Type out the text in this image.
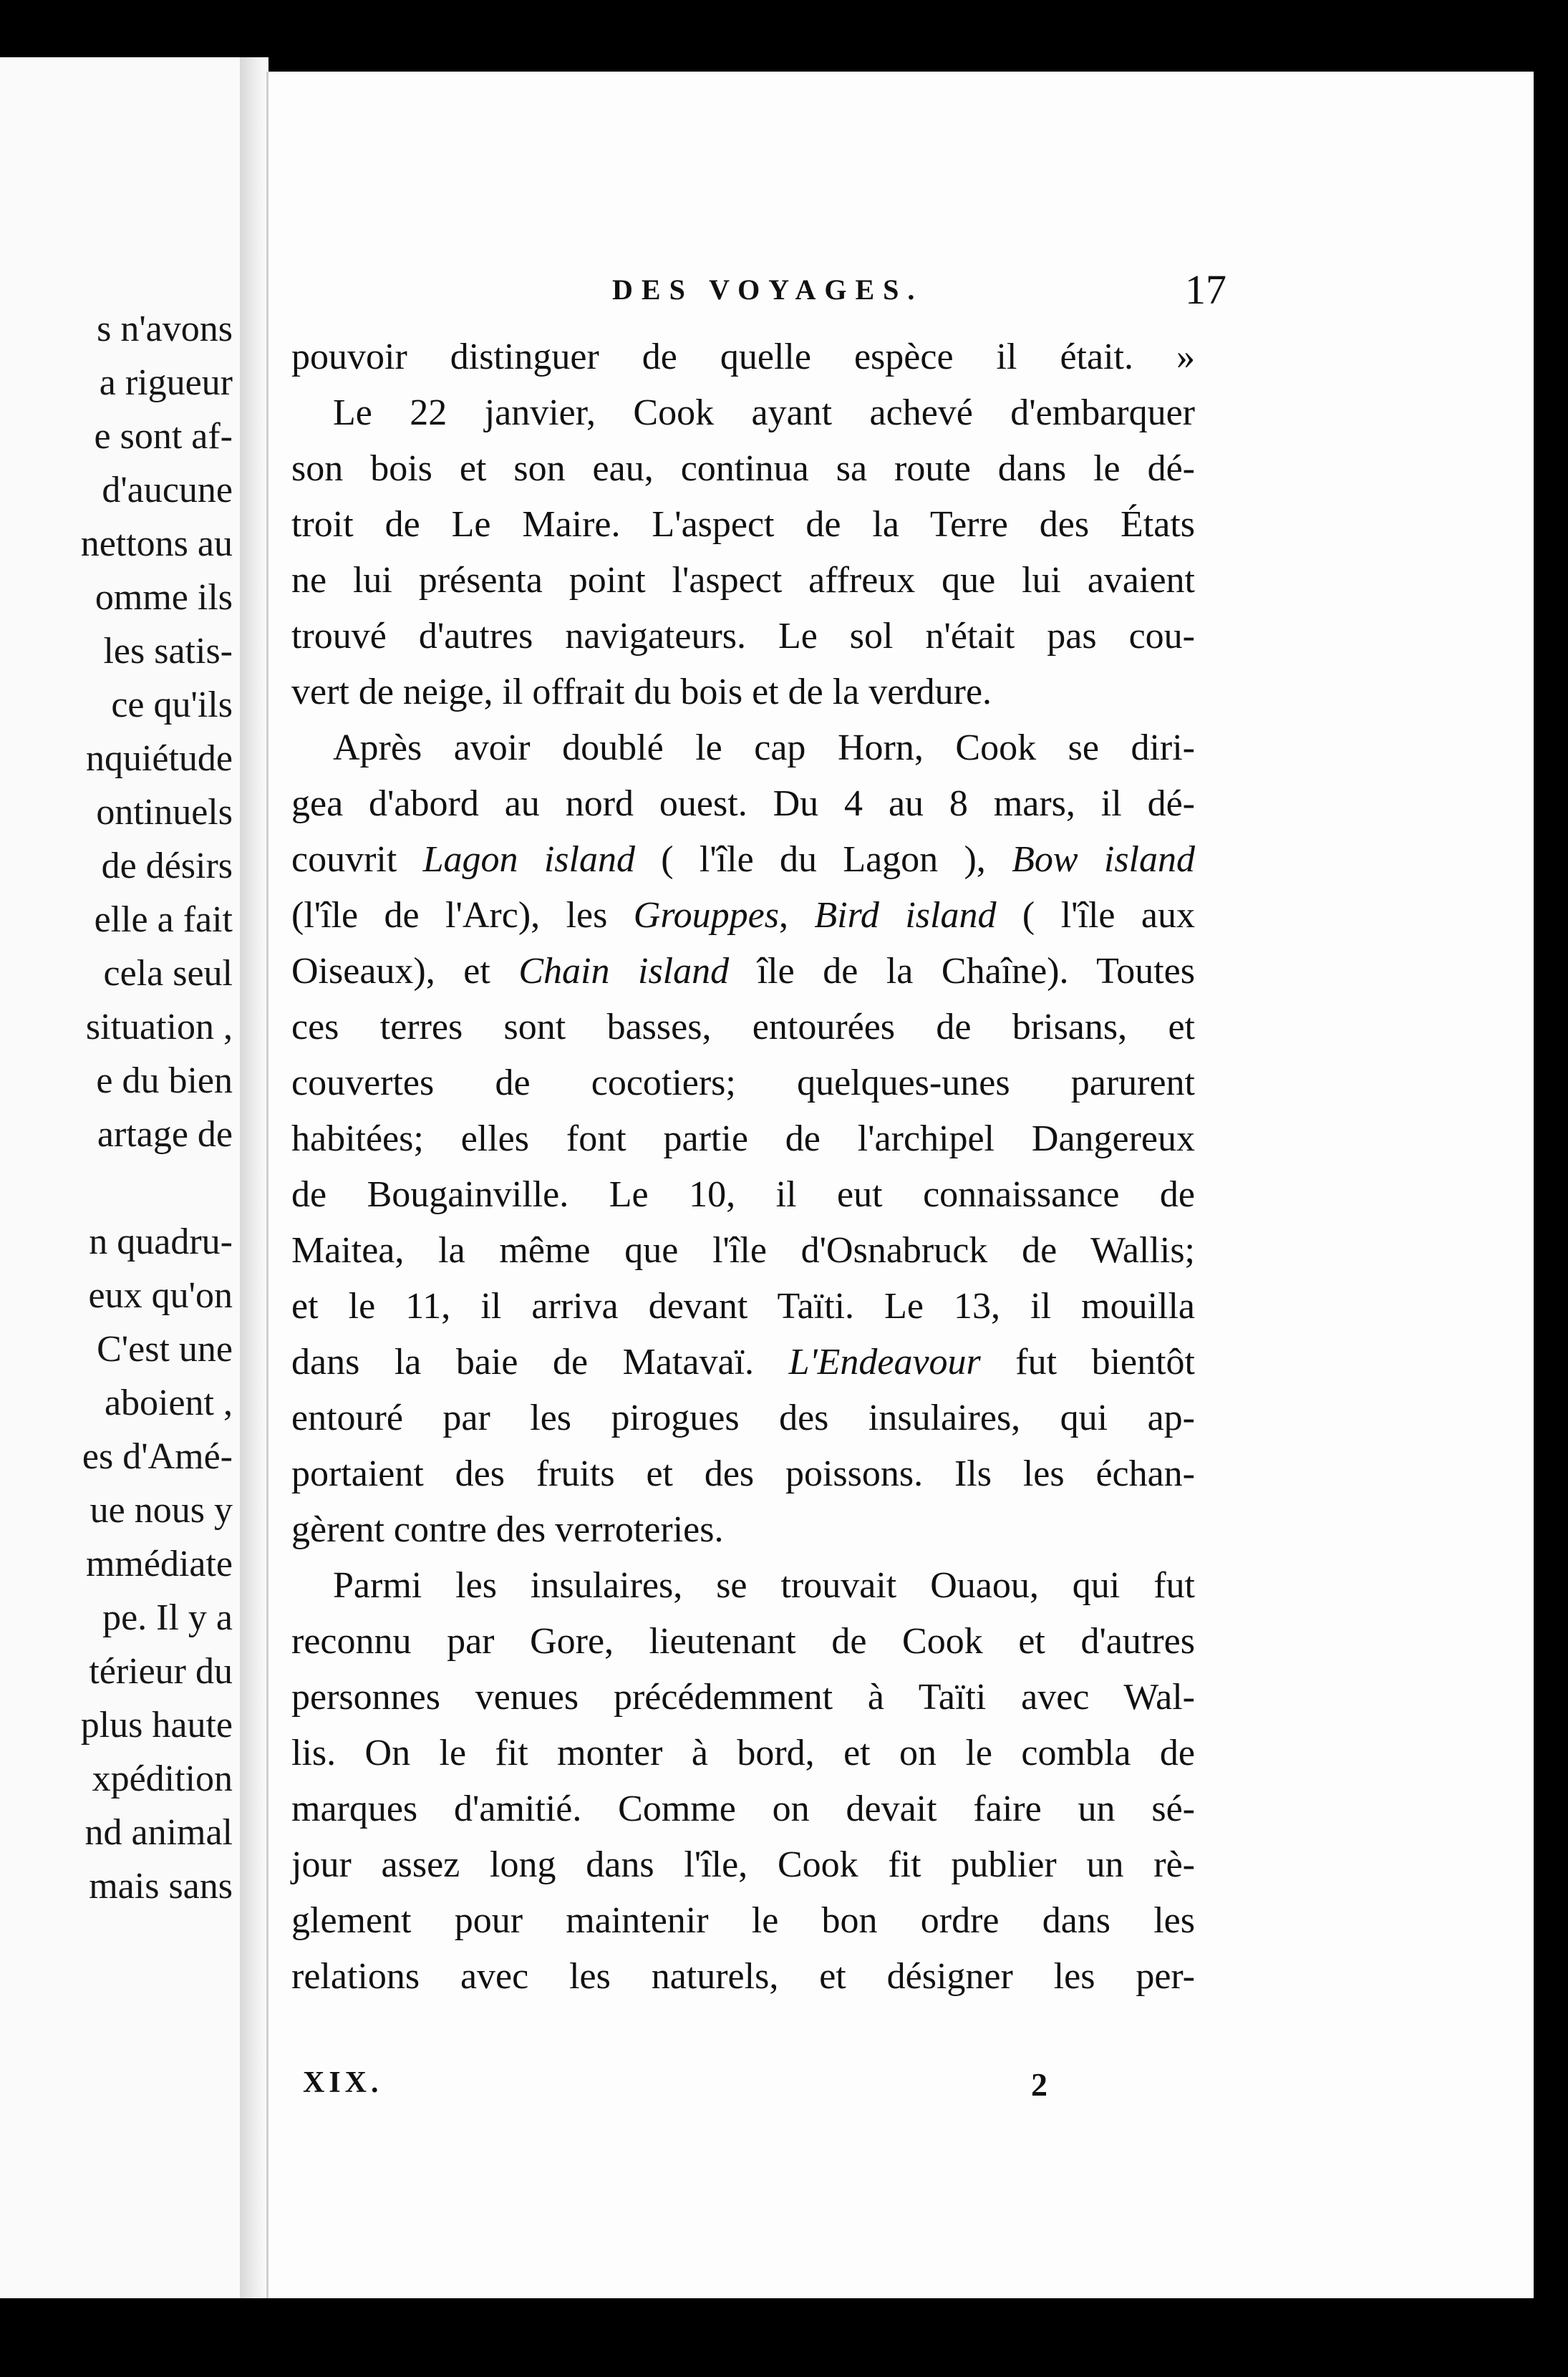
s n'avons
a rigueur
e sont af-
d'aucune
nettons au
omme ils
les satis-
ce qu'ils
nquiétude
ontinuels
de désirs
elle a fait
cela seul
situation ,
e du bien
artage de
n quadru-
eux qu'on
C'est une
aboient ,
es d'Amé-
ue nous y
mmédiate
pe. Il y a
térieur du
plus haute
xpédition
nd animal
mais sans
DES VOYAGES.	17
pouvoir distinguer de quelle espèce il était. »
Le 22 janvier, Cook ayant achevé d'embarquer
son bois et son eau, continua sa route dans le dé-
troit de Le Maire. L'aspect de la Terre des États
ne lui présenta point l'aspect affreux que lui avaient
trouvé d'autres navigateurs. Le sol n'était pas cou-
vert de neige, il offrait du bois et de la verdure.
Après avoir doublé le cap Horn, Cook se diri-
gea d'abord au nord ouest. Du 4 au 8 mars, il dé-
couvrit Lagon island ( l'île du Lagon ), Bow island
(l'île de l'Arc), les Grouppes, Bird island ( l'île aux
Oiseaux), et Chain island île de la Chaîne). Toutes
ces terres sont basses, entourées de brisans, et
couvertes de cocotiers; quelques-unes parurent
habitées; elles font partie de l'archipel Dangereux
de Bougainville. Le 10, il eut connaissance de
Maitea, la même que l'île d'Osnabruck de Wallis;
et le 11, il arriva devant Taïti. Le 13, il mouilla
dans la baie de Matavaï. L'Endeavour fut bientôt
entouré par les pirogues des insulaires, qui ap-
portaient des fruits et des poissons. Ils les échan-
gèrent contre des verroteries.
Parmi les insulaires, se trouvait Ouaou, qui fut
reconnu par Gore, lieutenant de Cook et d'autres
personnes venues précédemment à Taïti avec Wal-
lis. On le fit monter à bord, et on le combla de
marques d'amitié. Comme on devait faire un sé-
jour assez long dans l'île, Cook fit publier un rè-
glement pour maintenir le bon ordre dans les
relations avec les naturels, et désigner les per-
XIX.	2
